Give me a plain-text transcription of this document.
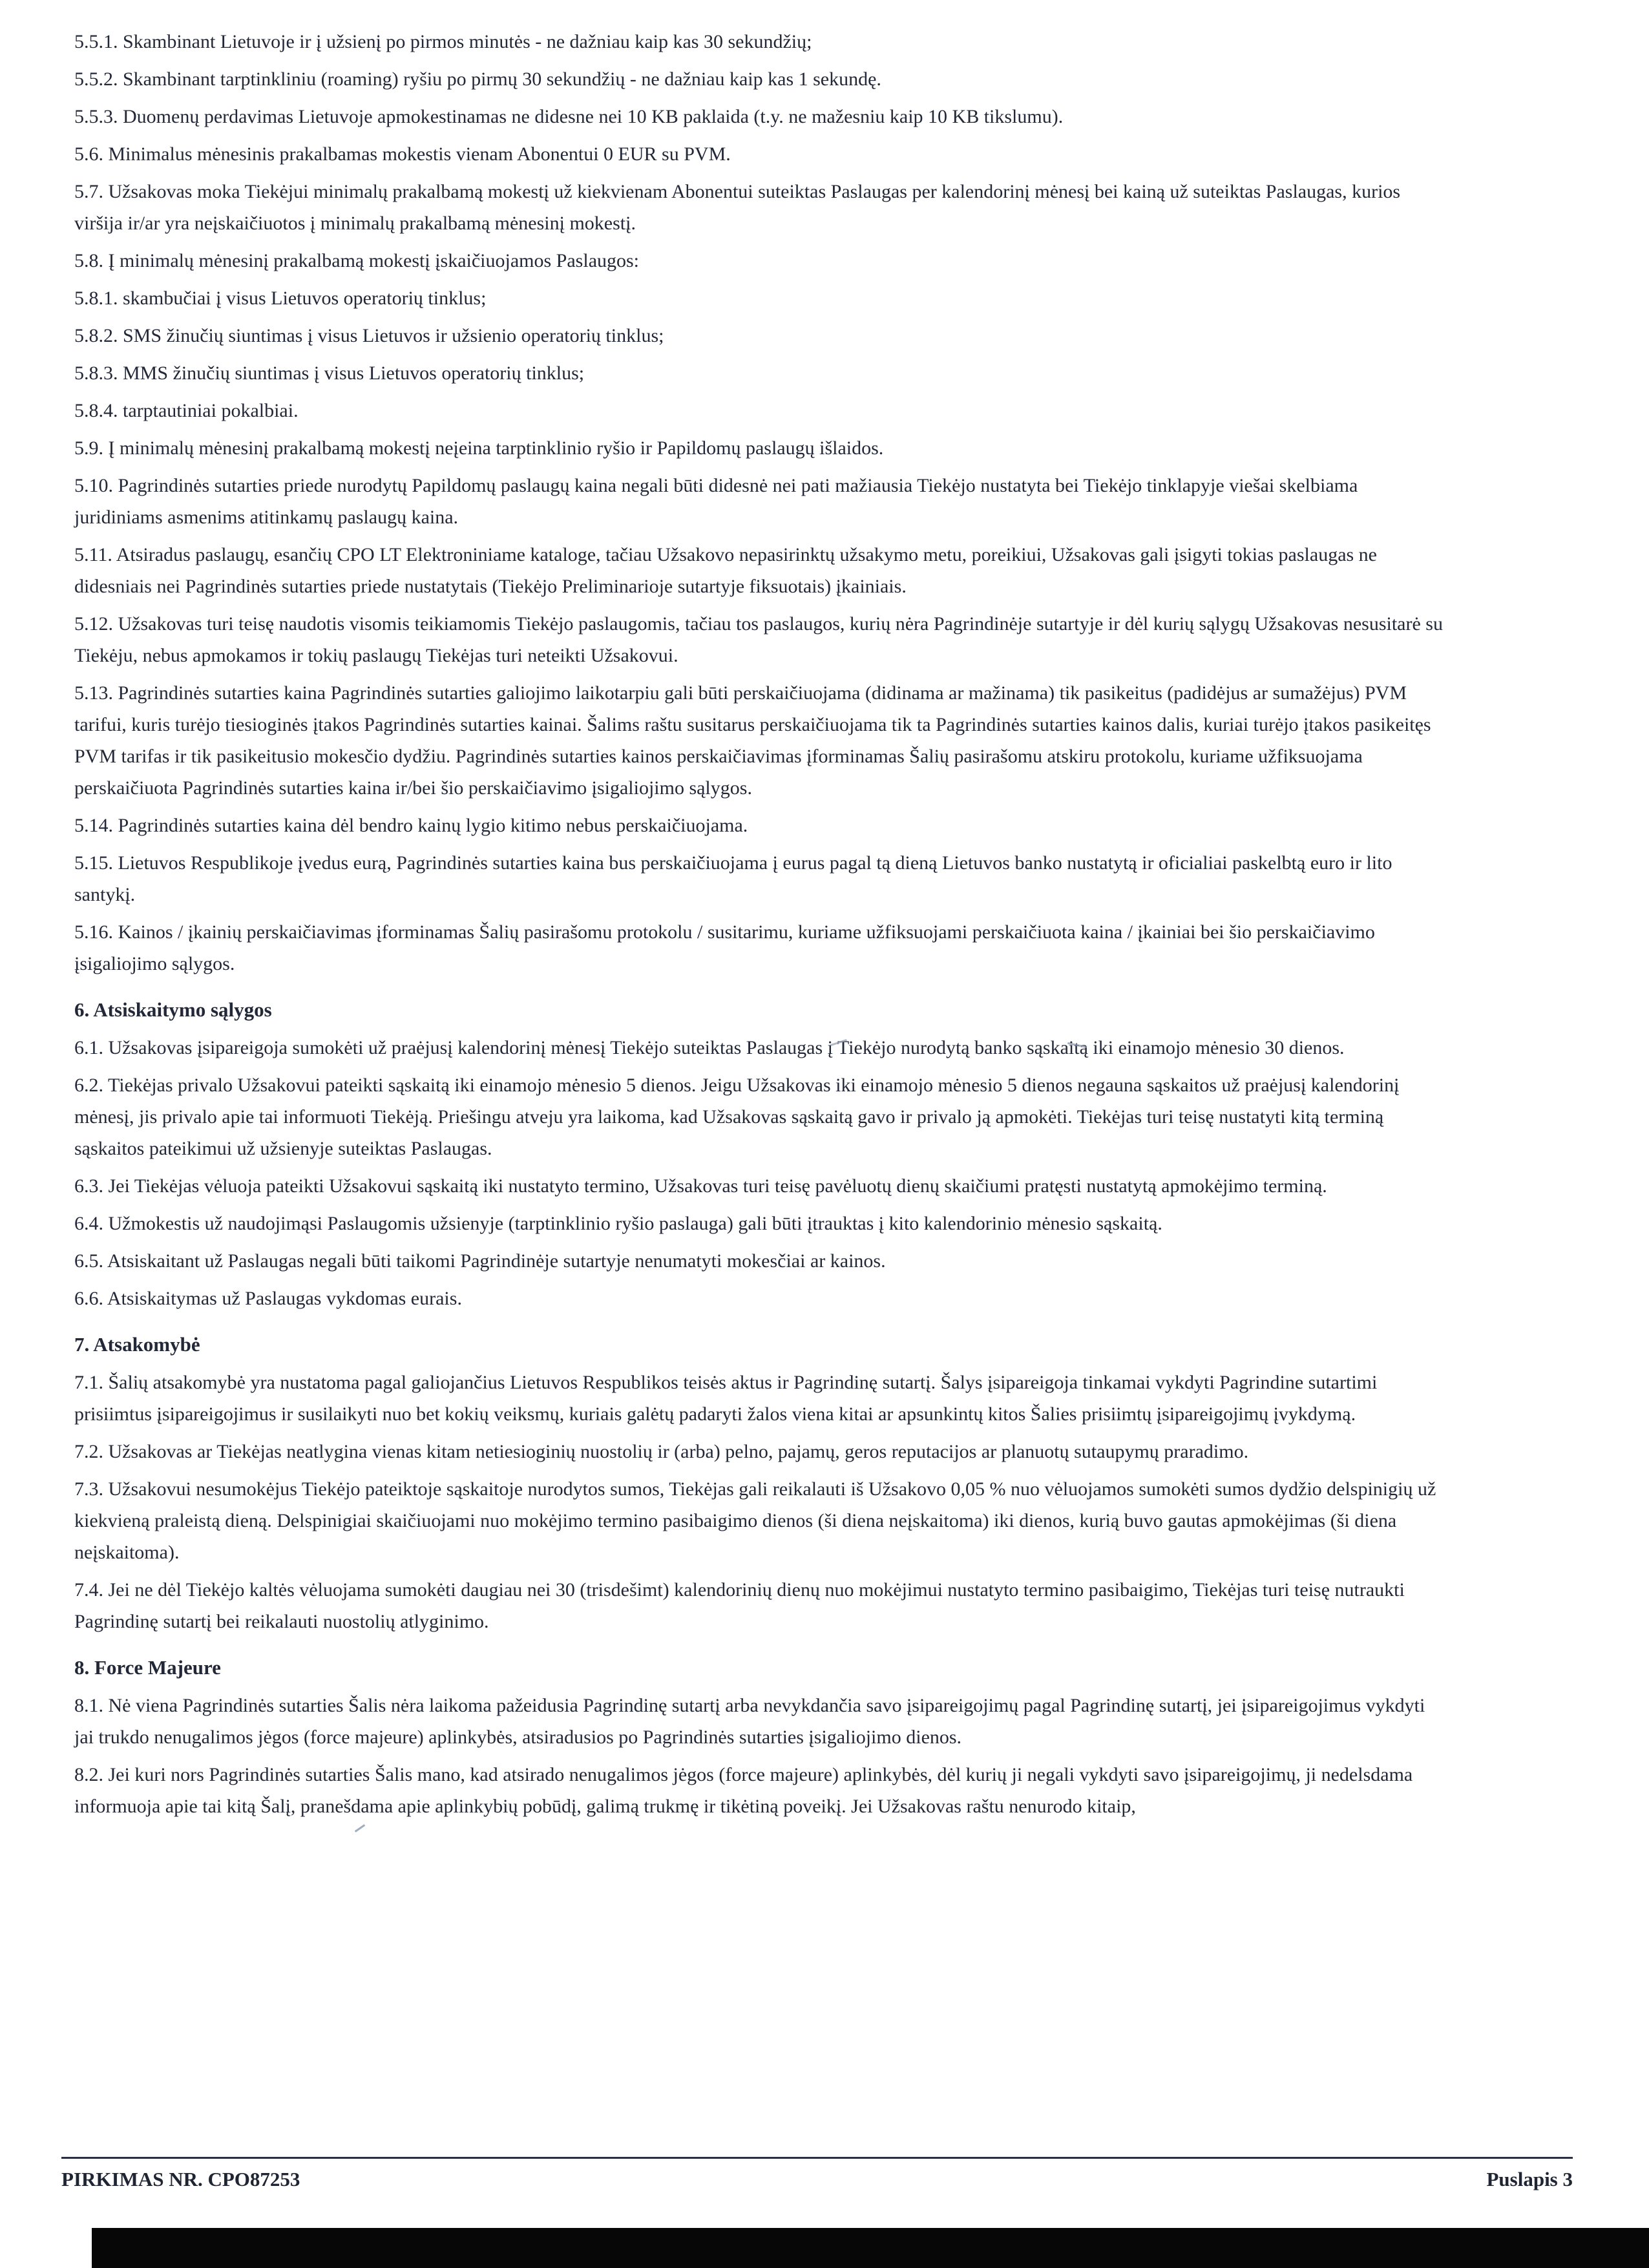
5.5.1. Skambinant Lietuvoje ir į užsienį po pirmos minutės - ne dažniau kaip kas 30 sekundžių;

5.5.2. Skambinant tarptinkliniu (roaming) ryšiu po pirmų 30 sekundžių - ne dažniau kaip kas 1 sekundę.

5.5.3. Duomenų perdavimas Lietuvoje apmokestinamas ne didesne nei 10 KB paklaida (t.y. ne mažesniu kaip 10 KB tikslumu).

5.6. Minimalus mėnesinis prakalbamas mokestis vienam Abonentui 0 EUR su PVM.

5.7. Užsakovas moka Tiekėjui minimalų prakalbamą mokestį už kiekvienam Abonentui suteiktas Paslaugas per kalendorinį mėnesį bei kainą už suteiktas Paslaugas, kurios viršija ir/ar yra neįskaičiuotos į minimalų prakalbamą mėnesinį mokestį.

5.8. Į minimalų mėnesinį prakalbamą mokestį įskaičiuojamos Paslaugos:

5.8.1. skambučiai į visus Lietuvos operatorių tinklus;

5.8.2. SMS žinučių siuntimas į visus Lietuvos ir užsienio operatorių tinklus;

5.8.3. MMS žinučių siuntimas į visus Lietuvos operatorių tinklus;

5.8.4. tarptautiniai pokalbiai.

5.9. Į minimalų mėnesinį prakalbamą mokestį neįeina tarptinklinio ryšio ir Papildomų paslaugų išlaidos.

5.10. Pagrindinės sutarties priede nurodytų Papildomų paslaugų kaina negali būti didesnė nei pati mažiausia Tiekėjo nustatyta bei Tiekėjo tinklapyje viešai skelbiama juridiniams asmenims atitinkamų paslaugų kaina.

5.11. Atsiradus paslaugų, esančių CPO LT Elektroniniame kataloge, tačiau Užsakovo nepasirinktų užsakymo metu, poreikiui, Užsakovas gali įsigyti tokias paslaugas ne didesniais nei Pagrindinės sutarties priede nustatytais (Tiekėjo Preliminarioje sutartyje fiksuotais) įkainiais.

5.12. Užsakovas turi teisę naudotis visomis teikiamomis Tiekėjo paslaugomis, tačiau tos paslaugos, kurių nėra Pagrindinėje sutartyje ir dėl kurių sąlygų Užsakovas nesusitarė su Tiekėju, nebus apmokamos ir tokių paslaugų Tiekėjas turi neteikti Užsakovui.

5.13. Pagrindinės sutarties kaina Pagrindinės sutarties galiojimo laikotarpiu gali būti perskaičiuojama (didinama ar mažinama) tik pasikeitus (padidėjus ar sumažėjus) PVM tarifui, kuris turėjo tiesioginės įtakos Pagrindinės sutarties kainai. Šalims raštu susitarus perskaičiuojama tik ta Pagrindinės sutarties kainos dalis, kuriai turėjo įtakos pasikeitęs PVM tarifas ir tik pasikeitusio mokesčio dydžiu. Pagrindinės sutarties kainos perskaičiavimas įforminamas Šalių pasirašomu atskiru protokolu, kuriame užfiksuojama perskaičiuota Pagrindinės sutarties kaina ir/bei šio perskaičiavimo įsigaliojimo sąlygos.

5.14. Pagrindinės sutarties kaina dėl bendro kainų lygio kitimo nebus perskaičiuojama.

5.15. Lietuvos Respublikoje įvedus eurą, Pagrindinės sutarties kaina bus perskaičiuojama į eurus pagal tą dieną Lietuvos banko nustatytą ir oficialiai paskelbtą euro ir lito santykį.

5.16. Kainos / įkainių perskaičiavimas įforminamas Šalių pasirašomu protokolu / susitarimu, kuriame užfiksuojami perskaičiuota kaina / įkainiai bei šio perskaičiavimo įsigaliojimo sąlygos.

6. Atsiskaitymo sąlygos

6.1. Užsakovas įsipareigoja sumokėti už praėjusį kalendorinį mėnesį Tiekėjo suteiktas Paslaugas į Tiekėjo nurodytą banko sąskaitą iki einamojo mėnesio 30 dienos.

6.2. Tiekėjas privalo Užsakovui pateikti sąskaitą iki einamojo mėnesio 5 dienos. Jeigu Užsakovas iki einamojo mėnesio 5 dienos negauna sąskaitos už praėjusį kalendorinį mėnesį, jis privalo apie tai informuoti Tiekėją. Priešingu atveju yra laikoma, kad Užsakovas sąskaitą gavo ir privalo ją apmokėti. Tiekėjas turi teisę nustatyti kitą terminą sąskaitos pateikimui už užsienyje suteiktas Paslaugas.

6.3. Jei Tiekėjas vėluoja pateikti Užsakovui sąskaitą iki nustatyto termino, Užsakovas turi teisę pavėluotų dienų skaičiumi pratęsti nustatytą apmokėjimo terminą.

6.4. Užmokestis už naudojimąsi Paslaugomis užsienyje (tarptinklinio ryšio paslauga) gali būti įtrauktas į kito kalendorinio mėnesio sąskaitą.

6.5. Atsiskaitant už Paslaugas negali būti taikomi Pagrindinėje sutartyje nenumatyti mokesčiai ar kainos.

6.6. Atsiskaitymas už Paslaugas vykdomas eurais.

7. Atsakomybė

7.1. Šalių atsakomybė yra nustatoma pagal galiojančius Lietuvos Respublikos teisės aktus ir Pagrindinę sutartį. Šalys įsipareigoja tinkamai vykdyti Pagrindine sutartimi prisiimtus įsipareigojimus ir susilaikyti nuo bet kokių veiksmų, kuriais galėtų padaryti žalos viena kitai ar apsunkintų kitos Šalies prisiimtų įsipareigojimų įvykdymą.

7.2. Užsakovas ar Tiekėjas neatlygina vienas kitam netiesioginių nuostolių ir (arba) pelno, pajamų, geros reputacijos ar planuotų sutaupymų praradimo.

7.3. Užsakovui nesumokėjus Tiekėjo pateiktoje sąskaitoje nurodytos sumos, Tiekėjas gali reikalauti iš Užsakovo 0,05 % nuo vėluojamos sumokėti sumos dydžio delspinigių už kiekvieną praleistą dieną. Delspinigiai skaičiuojami nuo mokėjimo termino pasibaigimo dienos (ši diena neįskaitoma) iki dienos, kurią buvo gautas apmokėjimas (ši diena neįskaitoma).

7.4. Jei ne dėl Tiekėjo kaltės vėluojama sumokėti daugiau nei 30 (trisdešimt) kalendorinių dienų nuo mokėjimui nustatyto termino pasibaigimo, Tiekėjas turi teisę nutraukti Pagrindinę sutartį bei reikalauti nuostolių atlyginimo.

8. Force Majeure

8.1. Nė viena Pagrindinės sutarties Šalis nėra laikoma pažeidusia Pagrindinę sutartį arba nevykdančia savo įsipareigojimų pagal Pagrindinę sutartį, jei įsipareigojimus vykdyti jai trukdo nenugalimos jėgos (force majeure) aplinkybės, atsiradusios po Pagrindinės sutarties įsigaliojimo dienos.

8.2. Jei kuri nors Pagrindinės sutarties Šalis mano, kad atsirado nenugalimos jėgos (force majeure) aplinkybės, dėl kurių ji negali vykdyti savo įsipareigojimų, ji nedelsdama informuoja apie tai kitą Šalį, pranešdama apie aplinkybių pobūdį, galimą trukmę ir tikėtiną poveikį. Jei Užsakovas raštu nenurodo kitaip,

PIRKIMAS NR. CPO87253	Puslapis 3
